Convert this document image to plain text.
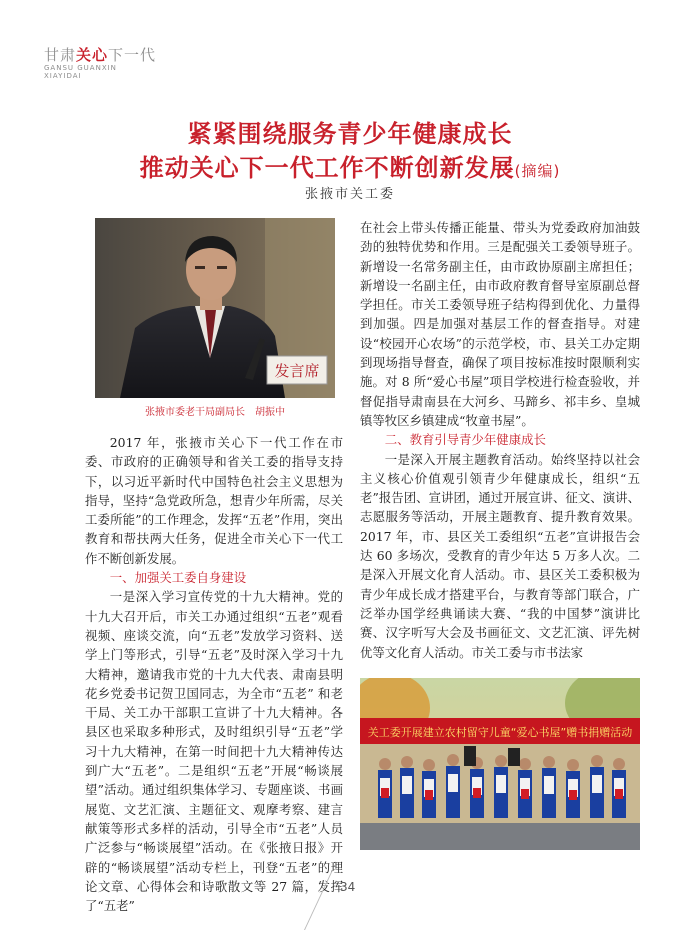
甘肃关心下一代
GANSU GUANXIN
XIAYIDAI
紧紧围绕服务青少年健康成长
推动关心下一代工作不断创新发展(摘编)
张掖市关工委
发言席
张掖市委老干局副局长　胡振中

2017 年，张掖市关心下一代工作在市委、市政府的正确领导和省关工委的指导支持下，以习近平新时代中国特色社会主义思想为指导，坚持“急党政所急，想青少年所需，尽关工委所能”的工作理念，发挥“五老”作用，突出教育和帮扶两大任务，促进全市关心下一代工作不断创新发展。

一、加强关工委自身建设

一是深入学习宣传党的十九大精神。党的十九大召开后，市关工办通过组织“五老”观看视频、座谈交流，向“五老”发放学习资料、送学上门等形式，引导“五老”及时深入学习十九大精神，邀请我市党的十九大代表、肃南县明花乡党委书记贺卫国同志，为全市“五老” 和老干局、关工办干部职工宣讲了十九大精神。各县区也采取多种形式，及时组织引导“五老”学习十九大精神，在第一时间把十九大精神传达到广大“五老”。二是组织“五老”开展“畅谈展望”活动。通过组织集体学习、专题座谈、书画展览、文艺汇演、主题征文、观摩考察、建言献策等形式多样的活动，引导全市“五老”人员广泛参与“畅谈展望”活动。在《张掖日报》开辟的“畅谈展望”活动专栏上，刊登“五老”的理论文章、心得体会和诗歌散文等 27 篇，发挥了“五老”

在社会上带头传播正能量、带头为党委政府加油鼓劲的独特优势和作用。三是配强关工委领导班子。新增设一名常务副主任，由市政协原副主席担任；新增设一名副主任，由市政府教育督导室原副总督学担任。市关工委领导班子结构得到优化、力量得到加强。四是加强对基层工作的督查指导。对建设“校园开心农场”的示范学校，市、县关工办定期到现场指导督查，确保了项目按标准按时限顺利实施。对 8 所“爱心书屋”项目学校进行检查验收，并督促指导肃南县在大河乡、马蹄乡、祁丰乡、皇城镇等牧区乡镇建成“牧童书屋”。

二、教育引导青少年健康成长

一是深入开展主题教育活动。始终坚持以社会主义核心价值观引领青少年健康成长，组织“五老”报告团、宣讲团，通过开展宣讲、征文、演讲、志愿服务等活动，开展主题教育、提升教育效果。2017 年，市、县区关工委组织“五老”宣讲报告会达 60 多场次，受教育的青少年达 5 万多人次。二是深入开展文化育人活动。市、县区关工委积极为青少年成长成才搭建平台，与教育等部门联合，广泛举办国学经典诵读大赛、“我的中国梦”演讲比赛、汉字听写大会及书画征文、文艺汇演、评先树优等文化育人活动。市关工委与市书法家

关工委开展建立农村留守儿童“爱心书屋”赠书捐赠活动
34
